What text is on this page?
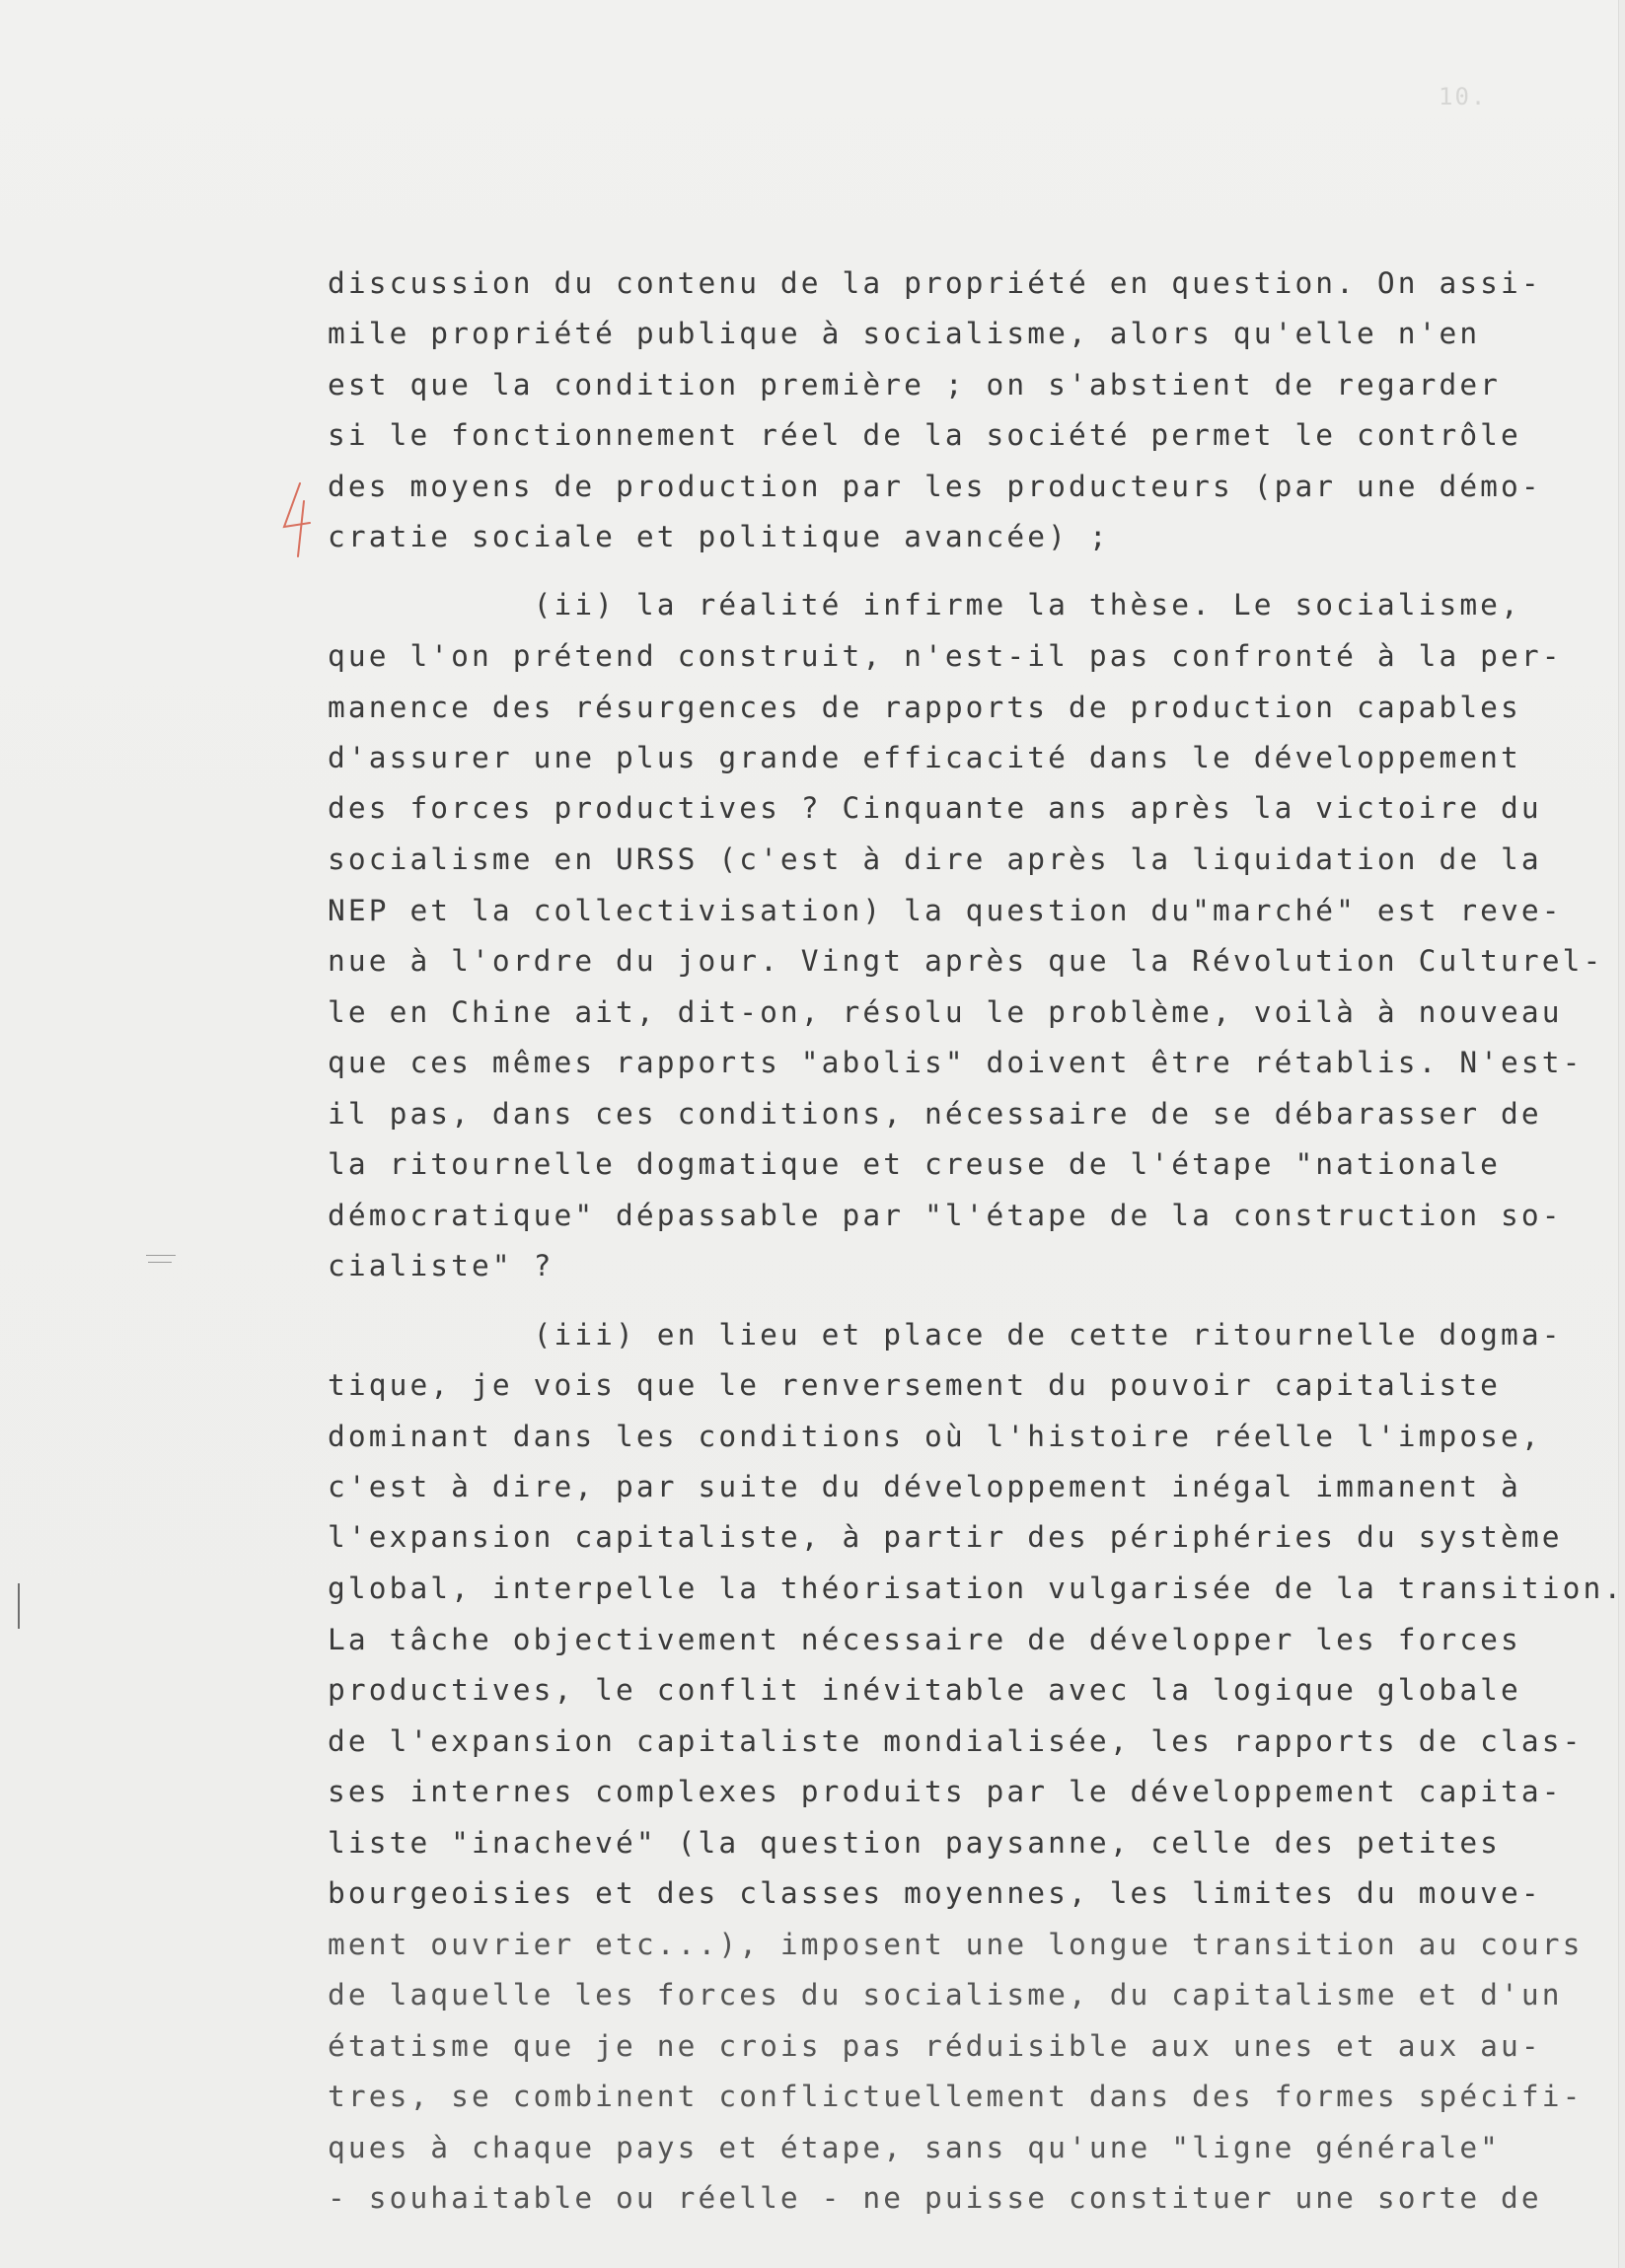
10.
discussion du contenu de la propriété en question. On assi-
mile propriété publique à socialisme, alors qu'elle n'en
est que la condition première ; on s'abstient de regarder
si le fonctionnement réel de la société permet le contrôle
des moyens de production par les producteurs (par une démo-
cratie sociale et politique avancée) ;
(ii) la réalité infirme la thèse. Le socialisme,
que l'on prétend construit, n'est-il pas confronté à la per-
manence des résurgences de rapports de production capables
d'assurer une plus grande efficacité dans le développement
des forces productives ? Cinquante ans après la victoire du
socialisme en URSS (c'est à dire après la liquidation de la
NEP et la collectivisation) la question du"marché" est reve-
nue à l'ordre du jour. Vingt après que la Révolution Culturel-
le en Chine ait, dit-on, résolu le problème, voilà à nouveau
que ces mêmes rapports "abolis" doivent être rétablis. N'est-
il pas, dans ces conditions, nécessaire de se débarasser de
la ritournelle dogmatique et creuse de l'étape "nationale
démocratique" dépassable par "l'étape de la construction so-
cialiste" ?
(iii) en lieu et place de cette ritournelle dogma-
tique, je vois que le renversement du pouvoir capitaliste
dominant dans les conditions où l'histoire réelle l'impose,
c'est à dire, par suite du développement inégal immanent à
l'expansion capitaliste, à partir des périphéries du système
global, interpelle la théorisation vulgarisée de la transition.
La tâche objectivement nécessaire de développer les forces
productives, le conflit inévitable avec la logique globale
de l'expansion capitaliste mondialisée, les rapports de clas-
ses internes complexes produits par le développement capita-
liste "inachevé" (la question paysanne, celle des petites
bourgeoisies et des classes moyennes, les limites du mouve-
ment ouvrier etc...), imposent une longue transition au cours
de laquelle les forces du socialisme, du capitalisme et d'un
étatisme que je ne crois pas réduisible aux unes et aux au-
tres, se combinent conflictuellement dans des formes spécifi-
ques à chaque pays et étape, sans qu'une "ligne générale"
- souhaitable ou réelle - ne puisse constituer une sorte de
